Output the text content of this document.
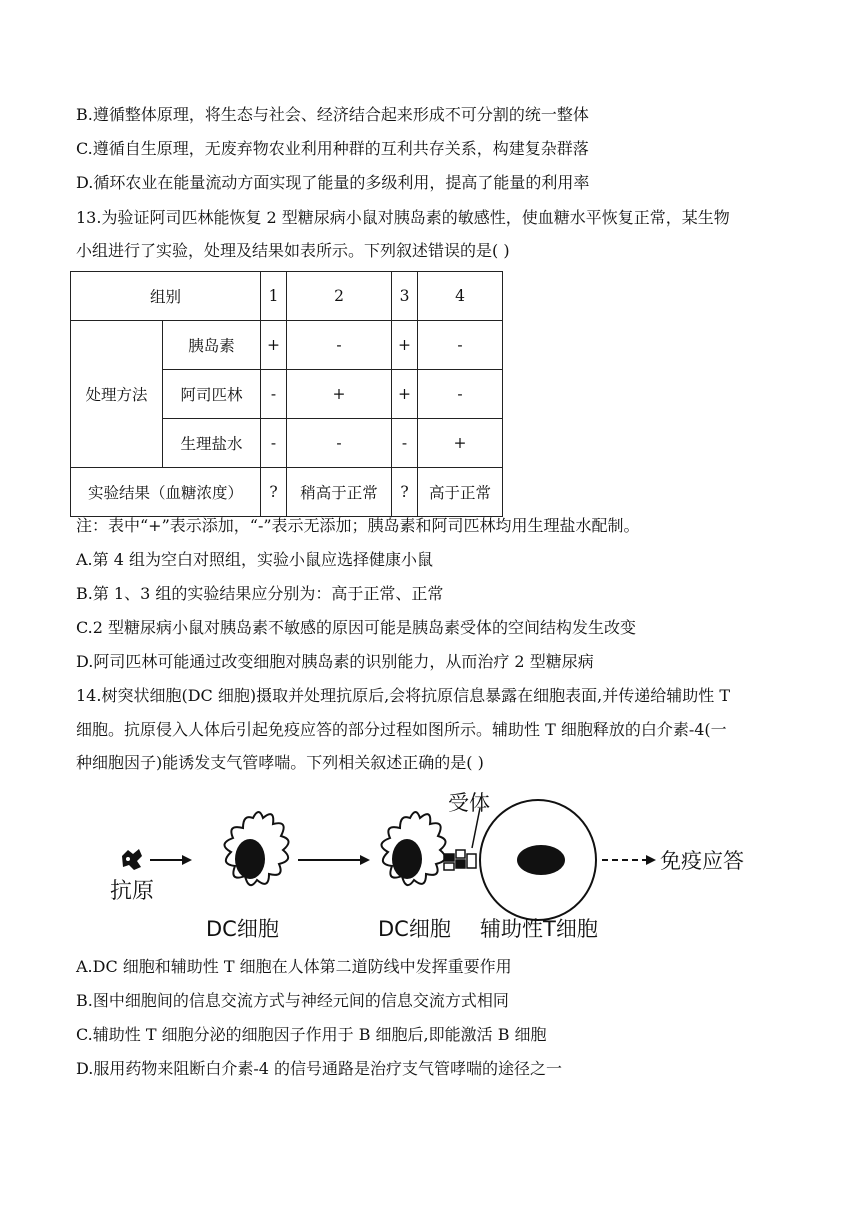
B.遵循整体原理，将生态与社会、经济结合起来形成不可分割的统一整体
C.遵循自生原理，无废弃物农业利用种群的互利共存关系，构建复杂群落
D.循环农业在能量流动方面实现了能量的多级利用，提高了能量的利用率
13.为验证阿司匹林能恢复 2 型糖尿病小鼠对胰岛素的敏感性，使血糖水平恢复正常，某生物
小组进行了实验，处理及结果如表所示。下列叙述错误的是( )
组别		1	2	3	4
处理方法	胰岛素	+	-	+	-
	阿司匹林	-	+	+	-
	生理盐水	-	-	-	+
实验结果（血糖浓度）		?	稍高于正常	?	高于正常
注：表中“+”表示添加，“-”表示无添加；胰岛素和阿司匹林均用生理盐水配制。
A.第 4 组为空白对照组，实验小鼠应选择健康小鼠
B.第 1、3 组的实验结果应分别为：高于正常、正常
C.2 型糖尿病小鼠对胰岛素不敏感的原因可能是胰岛素受体的空间结构发生改变
D.阿司匹林可能通过改变细胞对胰岛素的识别能力，从而治疗 2 型糖尿病
14.树突状细胞(DC 细胞)摄取并处理抗原后,会将抗原信息暴露在细胞表面,并传递给辅助性 T
细胞。抗原侵入人体后引起免疫应答的部分过程如图所示。辅助性 T 细胞释放的白介素-4(一
种细胞因子)能诱发支气管哮喘。下列相关叙述正确的是( )
抗原
DC细胞	DC细胞
受体
辅助性T细胞
免疫应答
A.DC 细胞和辅助性 T 细胞在人体第二道防线中发挥重要作用
B.图中细胞间的信息交流方式与神经元间的信息交流方式相同
C.辅助性 T 细胞分泌的细胞因子作用于 B 细胞后,即能激活 B 细胞
D.服用药物来阻断白介素-4 的信号通路是治疗支气管哮喘的途径之一
